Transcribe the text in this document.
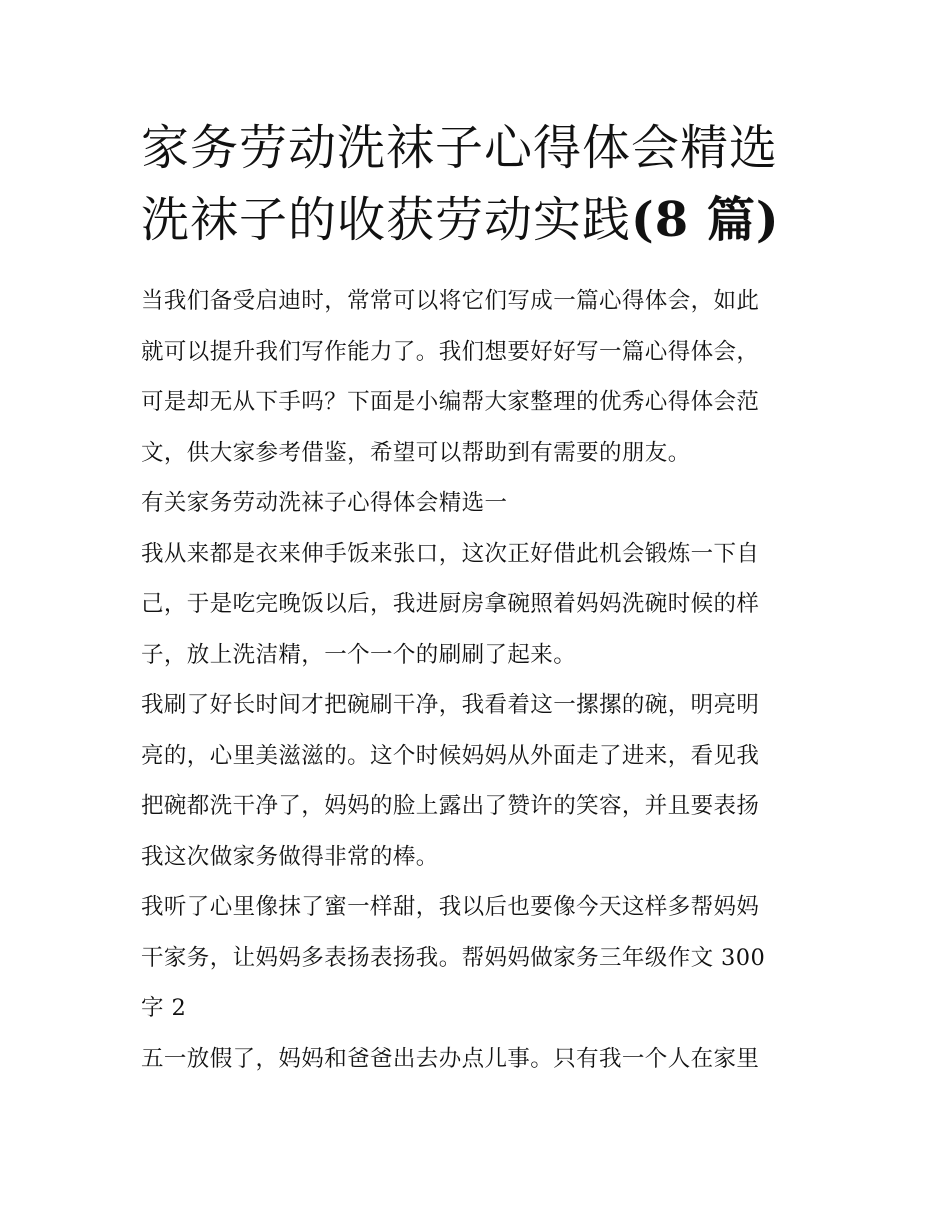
家务劳动洗袜子心得体会精选
洗袜子的收获劳动实践(8 篇)

当我们备受启迪时，常常可以将它们写成一篇心得体会，如此
就可以提升我们写作能力了。我们想要好好写一篇心得体会，
可是却无从下手吗？下面是小编帮大家整理的优秀心得体会范
文，供大家参考借鉴，希望可以帮助到有需要的朋友。

有关家务劳动洗袜子心得体会精选一

我从来都是衣来伸手饭来张口，这次正好借此机会锻炼一下自
己，于是吃完晚饭以后，我进厨房拿碗照着妈妈洗碗时候的样
子，放上洗洁精，一个一个的刷刷了起来。

我刷了好长时间才把碗刷干净，我看着这一摞摞的碗，明亮明
亮的，心里美滋滋的。这个时候妈妈从外面走了进来，看见我
把碗都洗干净了，妈妈的脸上露出了赞许的笑容，并且要表扬
我这次做家务做得非常的棒。

我听了心里像抹了蜜一样甜，我以后也要像今天这样多帮妈妈
干家务，让妈妈多表扬表扬我。帮妈妈做家务三年级作文 300
字 2

五一放假了，妈妈和爸爸出去办点儿事。只有我一个人在家里
